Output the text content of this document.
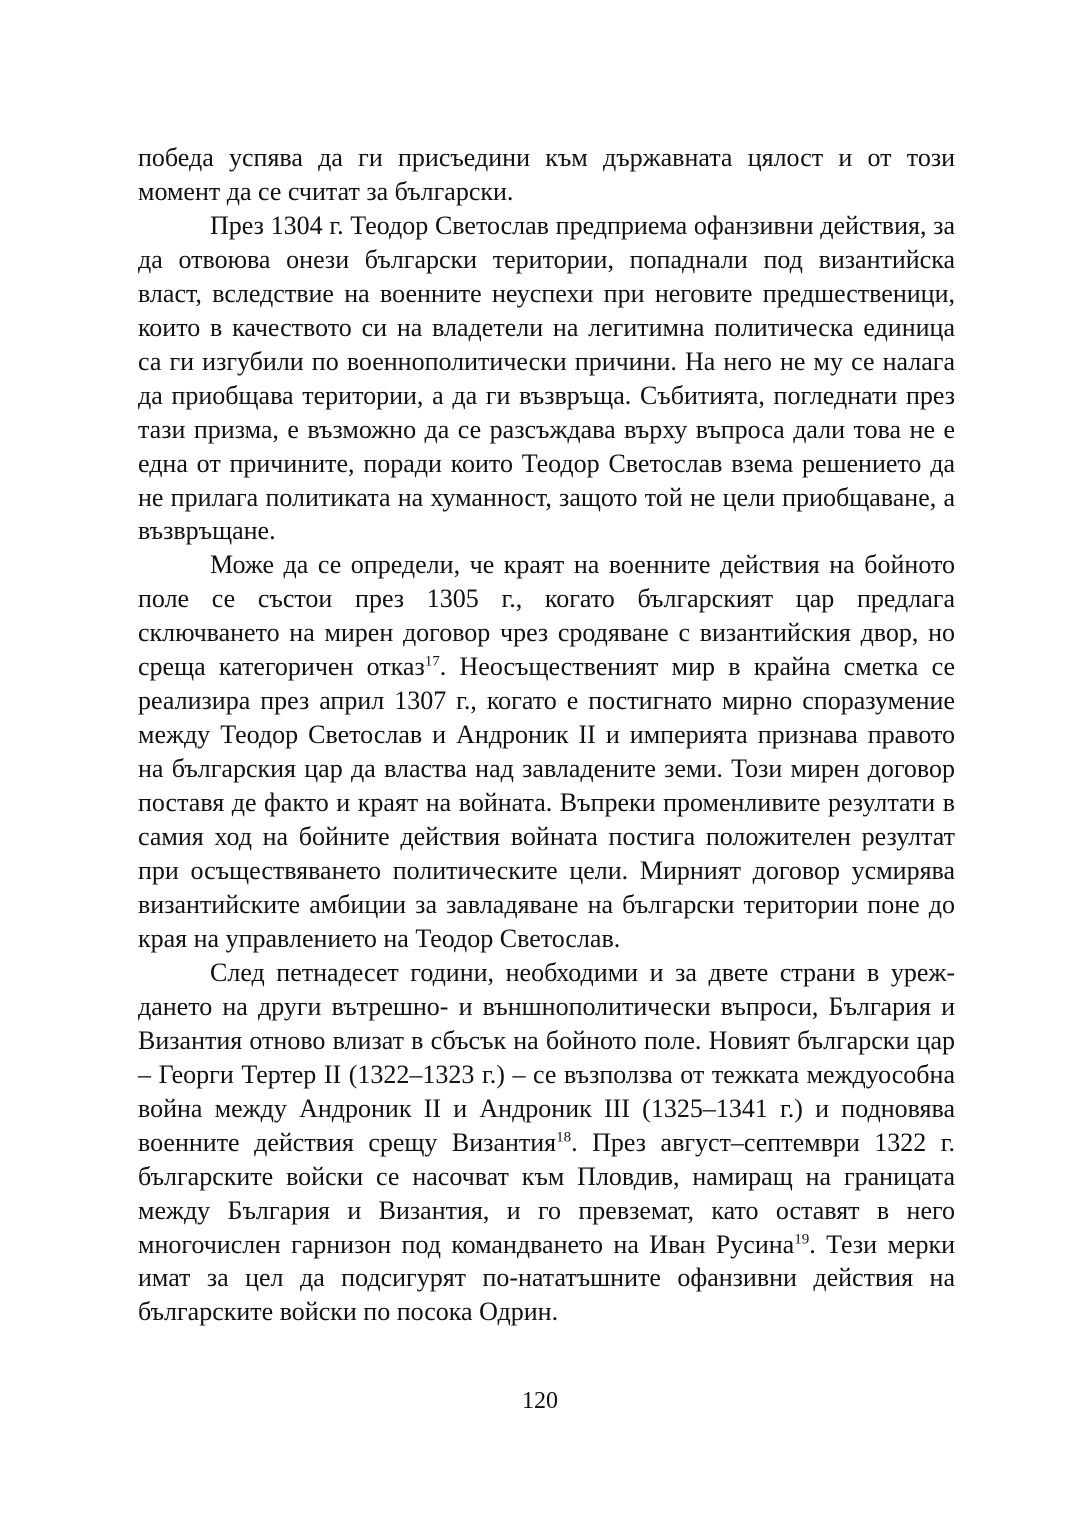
победа успява да ги присъедини към държавната цялост и от този момент да се считат за български.

През 1304 г. Теодор Светослав предприема офанзивни действия, за да отвоюва онези български територии, попаднали под византийска власт, вследствие на военните неуспехи при неговите предшественици, които в качеството си на владетели на легитимна политическа единица са ги изгубили по военнополитически причини. На него не му се налага да приобщава територии, а да ги възвръща. Събитията, погледнати през тази призма, е възможно да се разсъждава върху въпроса дали това не е една от причините, поради които Теодор Светослав взема решението да не прилага политиката на хуманност, защото той не цели приобщаване, а възвръщане.

Може да се определи, че краят на военните действия на бойното поле се състои през 1305 г., когато българският цар предлага сключването на мирен договор чрез сродяване с византийския двор, но среща категоричен отказ$^{17}$. Неосъщественият мир в крайна сметка се реализира през април 1307 г., когато е постигнато мирно споразумение между Теодор Светослав и Андроник II и империята признава правото на българския цар да властва над завладените земи. Този мирен договор поставя де факто и краят на войната. Въпреки променливите резултати в самия ход на бойните действия войната постига положителен резултат при осъществяването политическите цели. Мирният договор усмирява византийските амбиции за завладяване на български територии поне до края на управлението на Теодор Светослав.

След петнадесет години, необходими и за двете страни в уреждането на други вътрешно- и външнополитически въпроси, България и Византия отново влизат в сбъсък на бойното поле. Новият български цар – Георги Тертер II (1322–1323 г.) – се възползва от тежката междуособна война между Андроник II и Андроник III (1325–1341 г.) и подновява военните действия срещу Византия$^{18}$. През август–септември 1322 г. българските войски се насочват към Пловдив, намиращ на границата между България и Византия, и го превземат, като оставят в него многочислен гарнизон под командването на Иван Русина$^{19}$. Тези мерки имат за цел да подсигурят по-нататъшните офанзивни действия на българските войски по посока Одрин.

120
